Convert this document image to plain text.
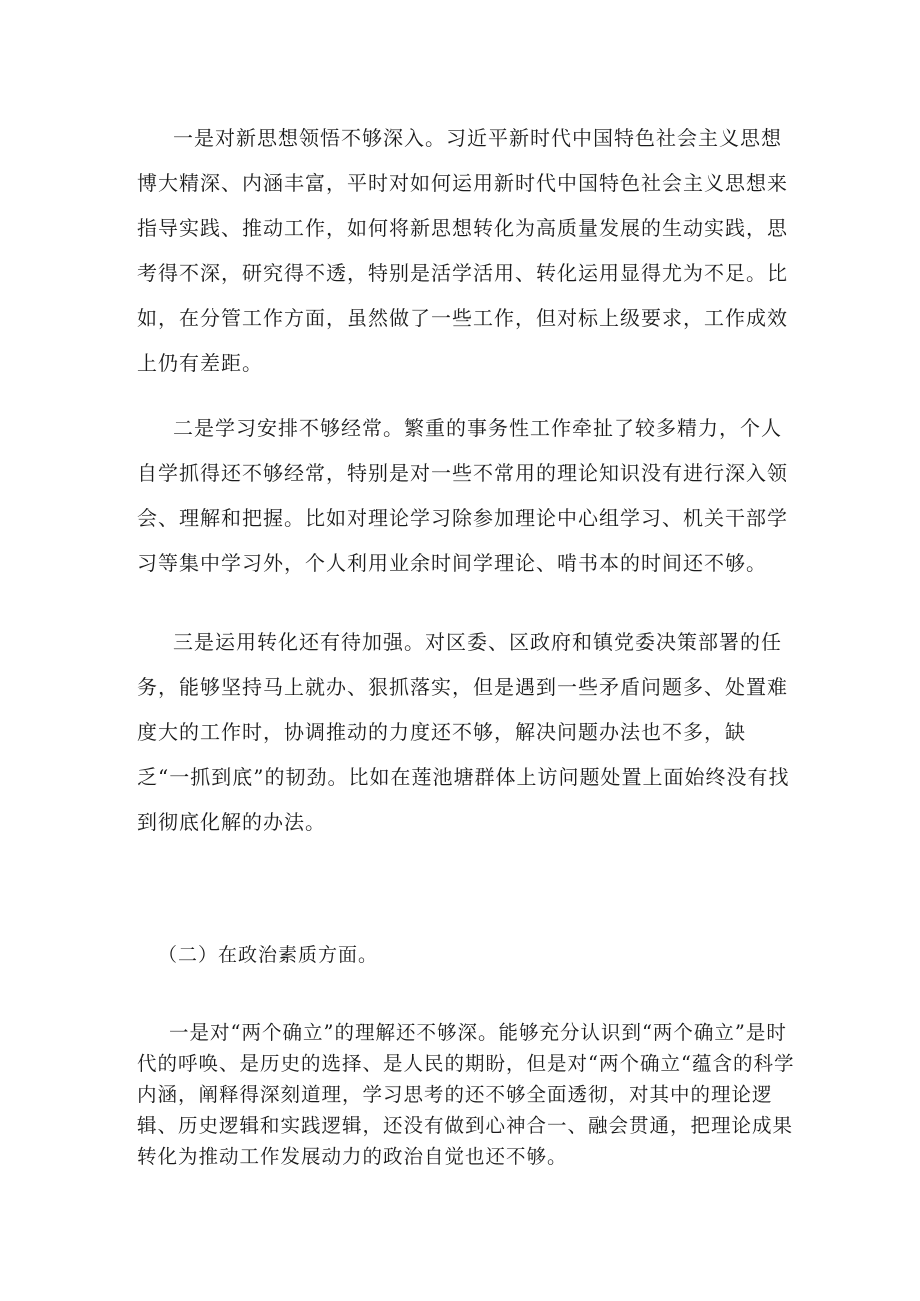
一是对新思想领悟不够深入。习近平新时代中国特色社会主义思想博大精深、内涵丰富，平时对如何运用新时代中国特色社会主义思想来指导实践、推动工作，如何将新思想转化为高质量发展的生动实践，思考得不深，研究得不透，特别是活学活用、转化运用显得尤为不足。比如，在分管工作方面，虽然做了一些工作，但对标上级要求，工作成效上仍有差距。

二是学习安排不够经常。繁重的事务性工作牵扯了较多精力，个人自学抓得还不够经常，特别是对一些不常用的理论知识没有进行深入领会、理解和把握。比如对理论学习除参加理论中心组学习、机关干部学习等集中学习外，个人利用业余时间学理论、啃书本的时间还不够。

三是运用转化还有待加强。对区委、区政府和镇党委决策部署的任务，能够坚持马上就办、狠抓落实，但是遇到一些矛盾问题多、处置难度大的工作时，协调推动的力度还不够，解决问题办法也不多，缺乏“一抓到底”的韧劲。比如在莲池塘群体上访问题处置上面始终没有找到彻底化解的办法。

（二）在政治素质方面。

一是对“两个确立”的理解还不够深。能够充分认识到“两个确立”是时代的呼唤、是历史的选择、是人民的期盼，但是对“两个确立“蕴含的科学内涵，阐释得深刻道理，学习思考的还不够全面透彻，对其中的理论逻辑、历史逻辑和实践逻辑，还没有做到心神合一、融会贯通，把理论成果转化为推动工作发展动力的政治自觉也还不够。
